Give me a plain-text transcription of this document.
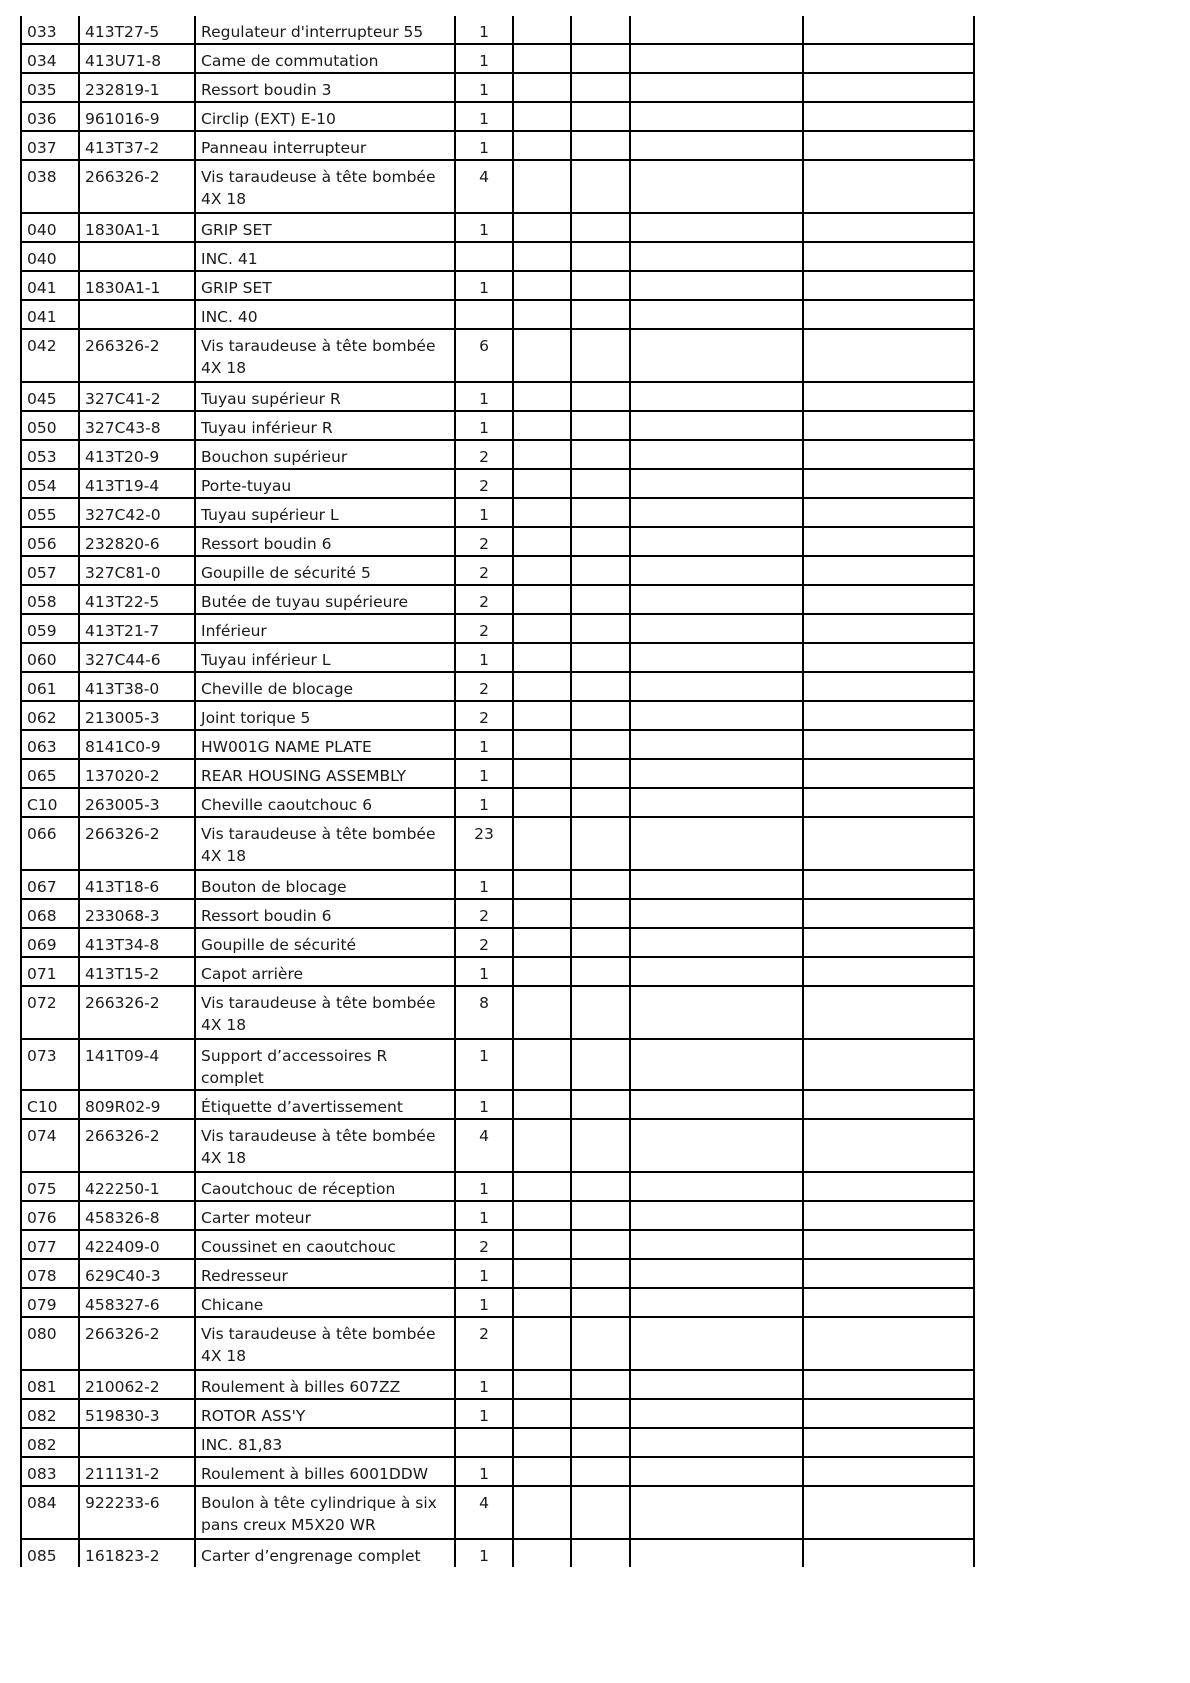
033	413T27-5	Regulateur d'interrupteur 55	1				
034	413U71-8	Came de commutation	1				
035	232819-1	Ressort boudin 3	1				
036	961016-9	Circlip (EXT) E-10	1				
037	413T37-2	Panneau interrupteur	1				
038	266326-2	Vis taraudeuse à tête bombée 4X 18	4				
040	1830A1-1	GRIP SET	1				
040		INC. 41					
041	1830A1-1	GRIP SET	1				
041		INC. 40					
042	266326-2	Vis taraudeuse à tête bombée 4X 18	6				
045	327C41-2	Tuyau supérieur R	1				
050	327C43-8	Tuyau inférieur R	1				
053	413T20-9	Bouchon supérieur	2				
054	413T19-4	Porte-tuyau	2				
055	327C42-0	Tuyau supérieur L	1				
056	232820-6	Ressort boudin 6	2				
057	327C81-0	Goupille de sécurité 5	2				
058	413T22-5	Butée de tuyau supérieure	2				
059	413T21-7	Inférieur	2				
060	327C44-6	Tuyau inférieur L	1				
061	413T38-0	Cheville de blocage	2				
062	213005-3	Joint torique 5	2				
063	8141C0-9	HW001G NAME PLATE	1				
065	137020-2	REAR HOUSING ASSEMBLY	1				
C10	263005-3	Cheville caoutchouc 6	1				
066	266326-2	Vis taraudeuse à tête bombée 4X 18	23				
067	413T18-6	Bouton de blocage	1				
068	233068-3	Ressort boudin 6	2				
069	413T34-8	Goupille de sécurité	2				
071	413T15-2	Capot arrière	1				
072	266326-2	Vis taraudeuse à tête bombée 4X 18	8				
073	141T09-4	Support d’accessoires R complet	1				
C10	809R02-9	Étiquette d’avertissement	1				
074	266326-2	Vis taraudeuse à tête bombée 4X 18	4				
075	422250-1	Caoutchouc de réception	1				
076	458326-8	Carter moteur	1				
077	422409-0	Coussinet en caoutchouc	2				
078	629C40-3	Redresseur	1				
079	458327-6	Chicane	1				
080	266326-2	Vis taraudeuse à tête bombée 4X 18	2				
081	210062-2	Roulement à billes 607ZZ	1				
082	519830-3	ROTOR ASS'Y	1				
082		INC. 81,83					
083	211131-2	Roulement à billes 6001DDW	1				
084	922233-6	Boulon à tête cylindrique à six pans creux M5X20 WR	4				
085	161823-2	Carter d’engrenage complet	1				
